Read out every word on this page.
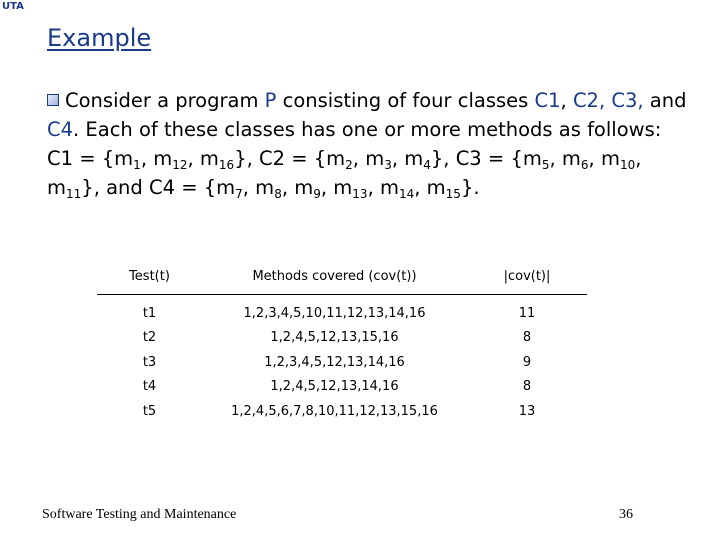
UTA
Example
Consider a program P consisting of four classes C1, C2, C3, and C4. Each of these classes has one or more methods as follows: $C1 = \{m_1$, $m_{12}$, $m_{16}$}, $C2 = \{m_2$, $m_3$, $m_4$}, $C3 = \{m_5$, $m_6$, $m_{10}$, $m_{11}$}, and $C4 = \{m_7$, $m_8$, $m_9$, $m_{13}$, $m_{14}$, $m_{15}$}.
Test(t)	Methods covered (cov(t))	|cov(t)|
t1	1,2,3,4,5,10,11,12,13,14,16	11
t2	1,2,4,5,12,13,15,16	8
t3	1,2,3,4,5,12,13,14,16	9
t4	1,2,4,5,12,13,14,16	8
t5	1,2,4,5,6,7,8,10,11,12,13,15,16	13
Software Testing and Maintenance	36
